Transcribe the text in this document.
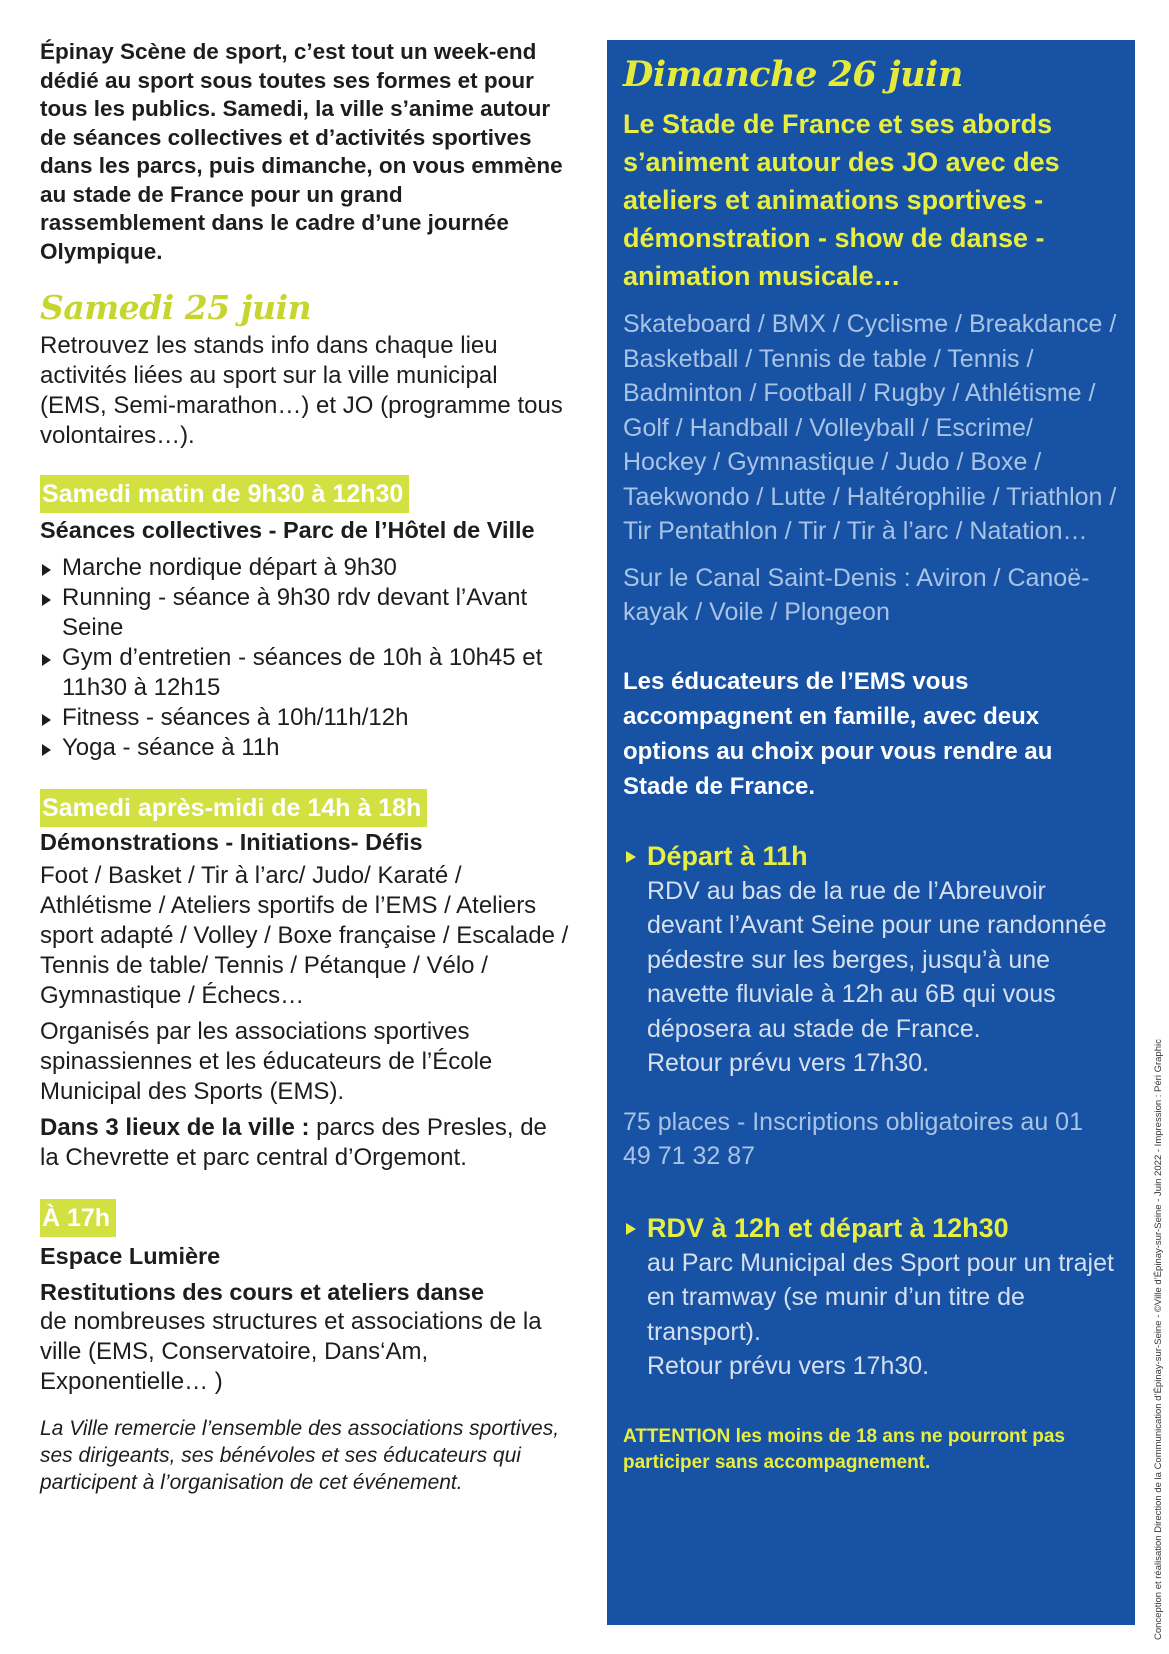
Épinay Scène de sport, c’est tout un week-end dédié au sport sous toutes ses formes et pour tous les publics. Samedi, la ville s’anime autour de séances collectives et d’activités sportives dans les parcs, puis dimanche, on vous emmène au stade de France pour un grand rassemblement dans le cadre d’une journée Olympique.

Samedi 25 juin

Retrouvez les stands info dans chaque lieu activités liées au sport sur la ville municipal (EMS, Semi-marathon…) et JO (programme tous volontaires…).

Samedi matin de 9h30 à 12h30

Séances collectives - Parc de l’Hôtel de Ville

Marche nordique départ à 9h30
Running - séance à 9h30 rdv devant l’Avant Seine
Gym d’entretien - séances de 10h à 10h45 et 11h30 à 12h15
Fitness - séances à 10h/11h/12h
Yoga - séance à 11h
Samedi après-midi de 14h à 18h

Démonstrations - Initiations- Défis

Foot / Basket / Tir à l’arc/ Judo/ Karaté / Athlétisme / Ateliers sportifs de l’EMS / Ateliers sport adapté / Volley / Boxe française / Escalade / Tennis de table/ Tennis / Pétanque / Vélo / Gymnastique / Échecs…

Organisés par les associations sportives spinassiennes et les éducateurs de l’École Municipal des Sports (EMS).

Dans 3 lieux de la ville : parcs des Presles, de la Chevrette et parc central d’Orgemont.

À 17h

Espace Lumière

Restitutions des cours et ateliers danse

de nombreuses structures et associations de la ville (EMS, Conservatoire, Dans‘Am, Exponentielle… )

La Ville remercie l’ensemble des associations sportives, ses dirigeants, ses bénévoles et ses éducateurs qui participent à l’organisation de cet événement.

Dimanche 26 juin

Le Stade de France et ses abords s’animent autour des JO avec des ateliers et animations sportives - démonstration - show de danse - animation musicale…

Skateboard / BMX / Cyclisme / Breakdance / Basketball / Tennis de table / Tennis / Badminton / Football / Rugby / Athlétisme / Golf / Handball / Volleyball / Escrime/ Hockey / Gymnastique / Judo / Boxe / Taekwondo / Lutte / Haltérophilie / Triathlon / Tir Pentathlon / Tir / Tir à l’arc / Natation…

Sur le Canal Saint-Denis : Aviron / Canoë-kayak / Voile / Plongeon

Les éducateurs de l’EMS vous accompagnent en famille, avec deux options au choix pour vous rendre au Stade de France.

Départ à 11h

RDV au bas de la rue de l’Abreuvoir devant l’Avant Seine pour une randonnée pédestre sur les berges, jusqu’à une navette fluviale à 12h au 6B qui vous déposera au stade de France.

Retour prévu vers 17h30.

75 places - Inscriptions obligatoires au 01 49 71 32 87

RDV à 12h et départ à 12h30

au Parc Municipal des Sport pour un trajet en tramway (se munir d’un titre de transport).

Retour prévu vers 17h30.

ATTENTION les moins de 18 ans ne pourront pas participer sans accompagnement.	Conception et réalisation Direction de la Communication d’Épinay-sur-Seine - ©Ville d’Épinay-sur-Seine - Juin 2022 - Impression : Péri Graphic
